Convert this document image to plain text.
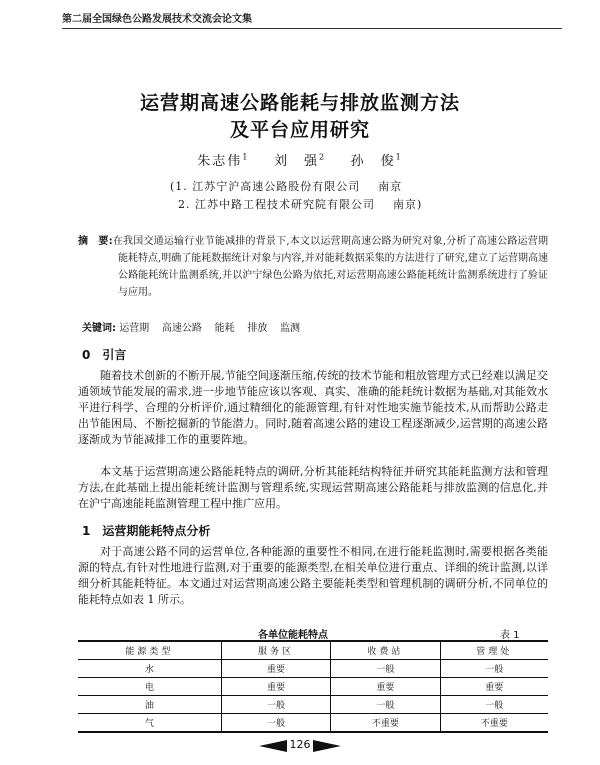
第二届全国绿色公路发展技术交流会论文集
运营期高速公路能耗与排放监测方法
及平台应用研究
朱志伟$^1$ 刘　强$^2$ 孙　俊$^1$
(1. 江苏宁沪高速公路股份有限公司 南京
2. 江苏中路工程技术研究院有限公司 南京)
摘　要:在我国交通运输行业节能减排的背景下,本文以运营期高速公路为研究对象,分析了高速公路运营期能耗特点,明确了能耗数据统计对象与内容,并对能耗数据采集的方法进行了研究,建立了运营期高速公路能耗统计监测系统,并以沪宁绿色公路为依托,对运营期高速公路能耗统计监测系统进行了验证与应用。
关键词: 运营期 高速公路 能耗 排放 监测
0　引言

随着技术创新的不断开展,节能空间逐渐压缩,传统的技术节能和粗放管理方式已经难以满足交通领域节能发展的需求,进一步地节能应该以客观、真实、准确的能耗统计数据为基础,对其能效水平进行科学、合理的分析评价,通过精细化的能源管理,有针对性地实施节能技术,从而帮助公路走出节能困局、不断挖掘新的节能潜力。同时,随着高速公路的建设工程逐渐减少,运营期的高速公路逐渐成为节能减排工作的重要阵地。

本文基于运营期高速公路能耗特点的调研,分析其能耗结构特征并研究其能耗监测方法和管理方法,在此基础上提出能耗统计监测与管理系统,实现运营期高速公路能耗与排放监测的信息化,并在沪宁高速能耗监测管理工程中推广应用。

1　运营期能耗特点分析

对于高速公路不同的运营单位,各种能源的重要性不相同,在进行能耗监测时,需要根据各类能源的特点,有针对性地进行监测,对于重要的能源类型,在相关单位进行重点、详细的统计监测,以详细分析其能耗特征。本文通过对运营期高速公路主要能耗类型和管理机制的调研分析,不同单位的能耗特点如表 1 所示。

各单位能耗特点	表 1
能源类型	服务区	收费站	管理处
水	重要	一般	一般
电	重要	重要	重要
油	一般	一般	一般
气	一般	不重要	不重要
126
